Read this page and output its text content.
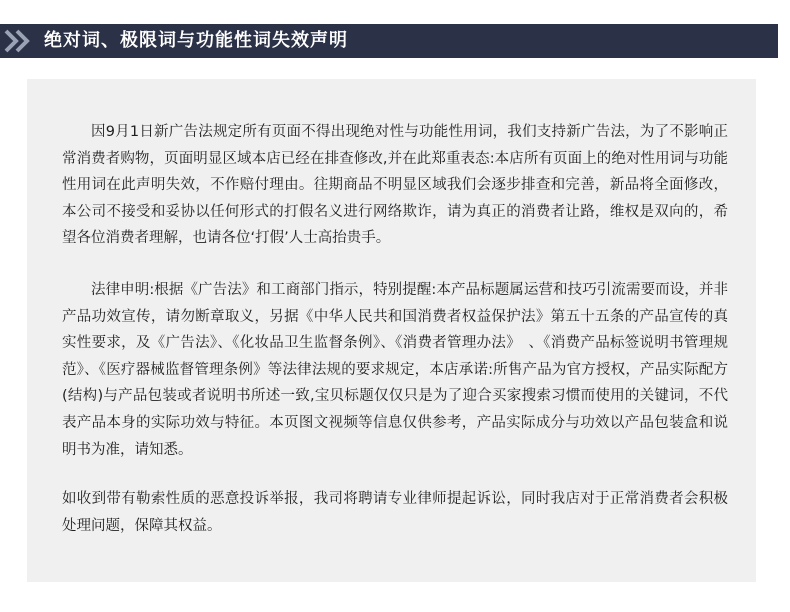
绝对词、极限词与功能性词失效声明

因9月1日新广告法规定所有页面不得出现绝对性与功能性用词，我们支持新广告法，为了不影响正常消费者购物，页面明显区域本店已经在排查修改,并在此郑重表态:本店所有页面上的绝对性用词与功能性用词在此声明失效，不作赔付理由。往期商品不明显区域我们会逐步排查和完善，新品将全面修改，本公司不接受和妥协以任何形式的打假名义进行网络欺诈，请为真正的消费者让路，维权是双向的，希望各位消费者理解，也请各位‘打假’人士高抬贵手。

法律申明:根据《广告法》和工商部门指示，特别提醒:本产品标题属运营和技巧引流需要而设，并非产品功效宣传，请勿断章取义，另据《中华人民共和国消费者权益保护法》第五十五条的产品宣传的真实性要求，及《广告法》、《化妆品卫生监督条例》、《消费者管理办法》　、《消费产品标签说明书管理规范》、《医疗器械监督管理条例》等法律法规的要求规定，本店承诺:所售产品为官方授权，产品实际配方(结构)与产品包装或者说明书所述一致,宝贝标题仅仅只是为了迎合买家搜索习惯而使用的关键词，不代表产品本身的实际功效与特征。本页图文视频等信息仅供参考，产品实际成分与功效以产品包装盒和说明书为准，请知悉。

如收到带有勒索性质的恶意投诉举报，我司将聘请专业律师提起诉讼，同时我店对于正常消费者会积极处理问题，保障其权益。
